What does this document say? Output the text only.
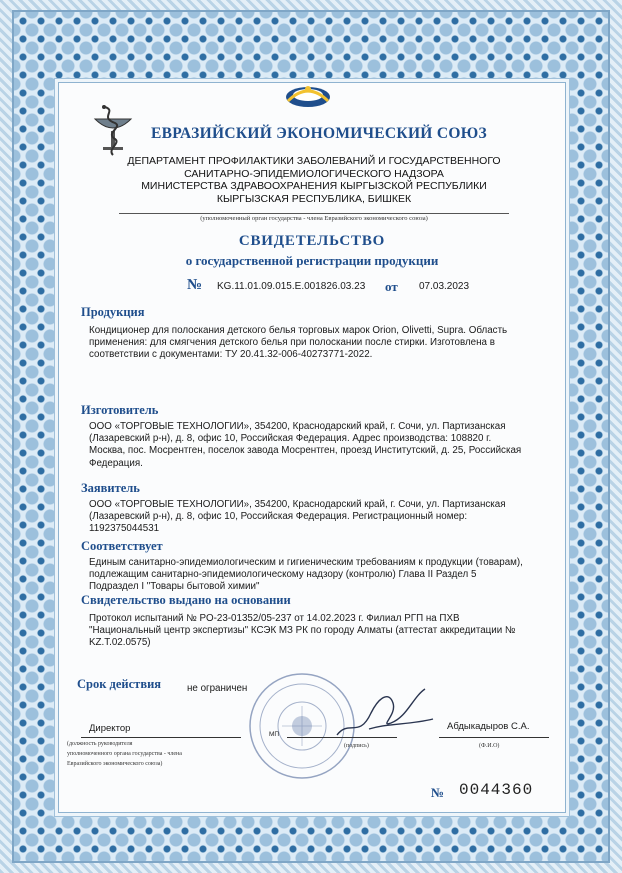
ЕВРАЗИЙСКИЙ ЭКОНОМИЧЕСКИЙ СОЮЗ
ДЕПАРТАМЕНТ ПРОФИЛАКТИКИ ЗАБОЛЕВАНИЙ И ГОСУДАРСТВЕННОГО
САНИТАРНО-ЭПИДЕМИОЛОГИЧЕСКОГО НАДЗОРА
МИНИСТЕРСТВА ЗДРАВООХРАНЕНИЯ КЫРГЫЗСКОЙ РЕСПУБЛИКИ
КЫРГЫЗСКАЯ РЕСПУБЛИКА, БИШКЕК
(уполномоченный орган государства - члена Евразийского экономического союза)
СВИДЕТЕЛЬСТВО
о государственной регистрации продукции
№ KG.11.01.09.015.E.001826.03.23 от 07.03.2023
Продукция
Кондиционер для полоскания детского белья торговых марок Orion, Olivetti, Supra. Область
применения: для смягчения детского белья при полоскании после стирки. Изготовлена в
соответствии с документами: ТУ 20.41.32-006-40273771-2022.
Изготовитель
ООО «ТОРГОВЫЕ ТЕХНОЛОГИИ», 354200, Краснодарский край, г. Сочи, ул. Партизанская
(Лазаревский р-н), д. 8, офис 10, Российская Федерация. Адрес производства: 108820 г.
Москва, пос. Мосрентген, поселок завода Мосрентген, проезд Институтский, д. 25, Российская
Федерация.
Заявитель
ООО «ТОРГОВЫЕ ТЕХНОЛОГИИ», 354200, Краснодарский край, г. Сочи, ул. Партизанская
(Лазаревский р-н), д. 8, офис 10, Российская Федерация. Регистрационный номер:
1192375044531
Соответствует
Единым санитарно-эпидемиологическим и гигиеническим требованиям к продукции (товарам),
подлежащим санитарно-эпидемиологическому надзору (контролю) Глава II Раздел 5
Подраздел I "Товары бытовой химии"
Свидетельство выдано на основании
Протокол испытаний № PO-23-01352/05-237 от 14.02.2023 г. Филиал РГП на ПХВ
"Национальный центр экспертизы" КСЭК МЗ РК по городу Алматы (аттестат аккредитации №
KZ.T.02.0575)
Срок действия	не ограничен
Директор
МП
Абдыкадыров С.А.
(подпись)	(Ф.И.О)
(должность руководителя
уполномоченного органа государства - члена
Евразийского экономического союза)
№ 0044360
